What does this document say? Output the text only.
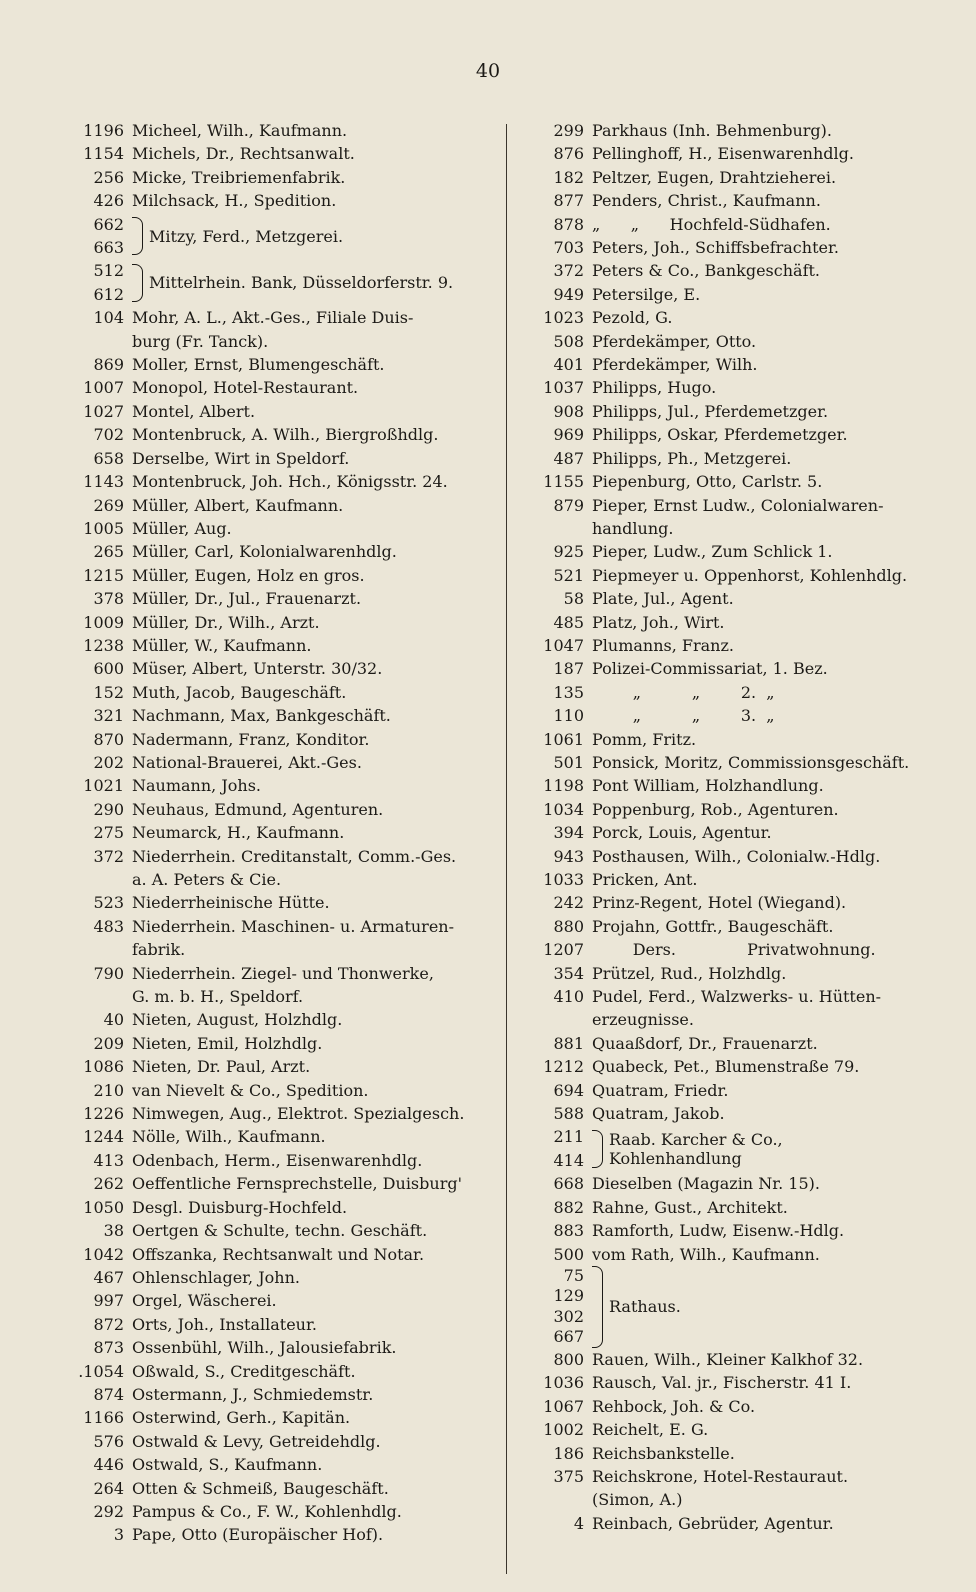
40
1196 Micheel, Wilh., Kaufmann.
1154 Michels, Dr., Rechtsanwalt.
256 Micke, Treibriemenfabrik.
426 Milchsack, H., Spedition.
662
663
Mitzy, Ferd., Metzgerei.
512
612
Mittelrhein. Bank, Düsseldorferstr. 9.
104 Mohr, A. L., Akt.-Ges., Filiale Duis-
burg (Fr. Tanck).
869 Moller, Ernst, Blumengeschäft.
1007 Monopol, Hotel-Restaurant.
1027 Montel, Albert.
702 Montenbruck, A. Wilh., Biergroßhdlg.
658 Derselbe, Wirt in Speldorf.
1143 Montenbruck, Joh. Hch., Königsstr. 24.
269 Müller, Albert, Kaufmann.
1005 Müller, Aug.
265 Müller, Carl, Kolonialwarenhdlg.
1215 Müller, Eugen, Holz en gros.
378 Müller, Dr., Jul., Frauenarzt.
1009 Müller, Dr., Wilh., Arzt.
1238 Müller, W., Kaufmann.
600 Müser, Albert, Unterstr. 30/32.
152 Muth, Jacob, Baugeschäft.
321 Nachmann, Max, Bankgeschäft.
870 Nadermann, Franz, Konditor.
202 National-Brauerei, Akt.-Ges.
1021 Naumann, Johs.
290 Neuhaus, Edmund, Agenturen.
275 Neumarck, H., Kaufmann.
372 Niederrhein. Creditanstalt, Comm.-Ges.
a. A. Peters & Cie.
523 Niederrheinische Hütte.
483 Niederrhein. Maschinen- u. Armaturen-
fabrik.
790 Niederrhein. Ziegel- und Thonwerke,
G. m. b. H., Speldorf.
40 Nieten, August, Holzhdlg.
209 Nieten, Emil, Holzhdlg.
1086 Nieten, Dr. Paul, Arzt.
210 van Nievelt & Co., Spedition.
1226 Nimwegen, Aug., Elektrot. Spezialgesch.
1244 Nölle, Wilh., Kaufmann.
413 Odenbach, Herm., Eisenwarenhdlg.
262 Oeffentliche Fernsprechstelle, Duisburg'
1050 Desgl. Duisburg-Hochfeld.
38 Oertgen & Schulte, techn. Geschäft.
1042 Offszanka, Rechtsanwalt und Notar.
467 Ohlenschlager, John.
997 Orgel, Wäscherei.
872 Orts, Joh., Installateur.
873 Ossenbühl, Wilh., Jalousiefabrik.
.1054 Oßwald, S., Creditgeschäft.
874 Ostermann, J., Schmiedemstr.
1166 Osterwind, Gerh., Kapitän.
576 Ostwald & Levy, Getreidehdlg.
446 Ostwald, S., Kaufmann.
264 Otten & Schmeiß, Baugeschäft.
292 Pampus & Co., F. W., Kohlenhdlg.
3 Pape, Otto (Europäischer Hof).
299 Parkhaus (Inh. Behmenburg).
876 Pellinghoff, H., Eisenwarenhdlg.
182 Peltzer, Eugen, Drahtzieherei.
877 Penders, Christ., Kaufmann.
878 „      „      Hochfeld-Südhafen.
703 Peters, Joh., Schiffsbefrachter.
372 Peters & Co., Bankgeschäft.
949 Petersilge, E.
1023 Pezold, G.
508 Pferdekämper, Otto.
401 Pferdekämper, Wilh.
1037 Philipps, Hugo.
908 Philipps, Jul., Pferdemetzger.
969 Philipps, Oskar, Pferdemetzger.
487 Philipps, Ph., Metzgerei.
1155 Piepenburg, Otto, Carlstr. 5.
879 Pieper, Ernst Ludw., Colonialwaren-
handlung.
925 Pieper, Ludw., Zum Schlick 1.
521 Piepmeyer u. Oppenhorst, Kohlenhdlg.
58 Plate, Jul., Agent.
485 Platz, Joh., Wirt.
1047 Plumanns, Franz.
187 Polizei-Commissariat, 1. Bez.
135 „          „        2.  „
110 „          „        3.  „
1061 Pomm, Fritz.
501 Ponsick, Moritz, Commissionsgeschäft.
1198 Pont William, Holzhandlung.
1034 Poppenburg, Rob., Agenturen.
394 Porck, Louis, Agentur.
943 Posthausen, Wilh., Colonialw.-Hdlg.
1033 Pricken, Ant.
242 Prinz-Regent, Hotel (Wiegand).
880 Projahn, Gottfr., Baugeschäft.
1207 Ders.              Privatwohnung.
354 Prützel, Rud., Holzhdlg.
410 Pudel, Ferd., Walzwerks- u. Hütten-
erzeugnisse.
881 Quaaßdorf, Dr., Frauenarzt.
1212 Quabeck, Pet., Blumenstraße 79.
694 Quatram, Friedr.
588 Quatram, Jakob.
211
414
Raab. Karcher & Co.,
Kohlenhandlung
668 Dieselben (Magazin Nr. 15).
882 Rahne, Gust., Architekt.
883 Ramforth, Ludw, Eisenw.-Hdlg.
500 vom Rath, Wilh., Kaufmann.
75
129
302
667
Rathaus.
800 Rauen, Wilh., Kleiner Kalkhof 32.
1036 Rausch, Val. jr., Fischerstr. 41 I.
1067 Rehbock, Joh. & Co.
1002 Reichelt, E. G.
186 Reichsbankstelle.
375 Reichskrone, Hotel-Restauraut.
(Simon, A.)
4 Reinbach, Gebrüder, Agentur.
